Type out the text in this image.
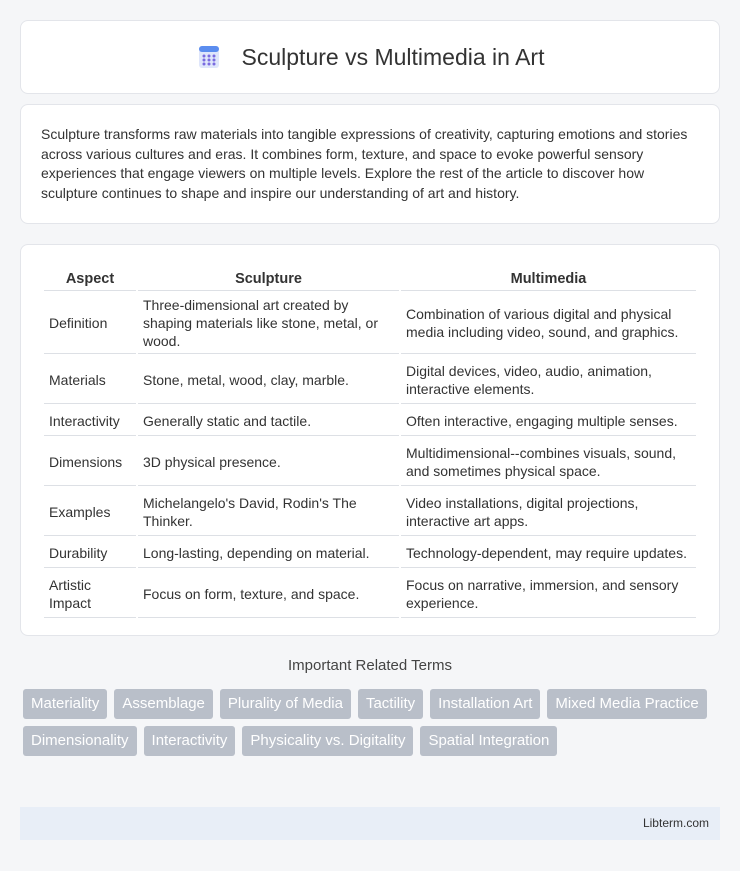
Sculpture vs Multimedia in Art

Sculpture transforms raw materials into tangible expressions of creativity, capturing emotions and stories across various cultures and eras. It combines form, texture, and space to evoke powerful sensory experiences that engage viewers on multiple levels. Explore the rest of the article to discover how sculpture continues to shape and inspire our understanding of art and history.

Aspect	Sculpture	Multimedia
Definition	Three-dimensional art created by shaping materials like stone, metal, or wood.	Combination of various digital and physical media including video, sound, and graphics.
Materials	Stone, metal, wood, clay, marble.	Digital devices, video, audio, animation, interactive elements.
Interactivity	Generally static and tactile.	Often interactive, engaging multiple senses.
Dimensions	3D physical presence.	Multidimensional--combines visuals, sound, and sometimes physical space.
Examples	Michelangelo's David, Rodin's The Thinker.	Video installations, digital projections, interactive art apps.
Durability	Long-lasting, depending on material.	Technology-dependent, may require updates.
Artistic Impact	Focus on form, texture, and space.	Focus on narrative, immersion, and sensory experience.
Important Related Terms
Materiality	Assemblage	Plurality of Media	Tactility	Installation Art	Mixed Media Practice
Dimensionality	Interactivity	Physicality vs. Digitality	Spatial Integration
Libterm.com
